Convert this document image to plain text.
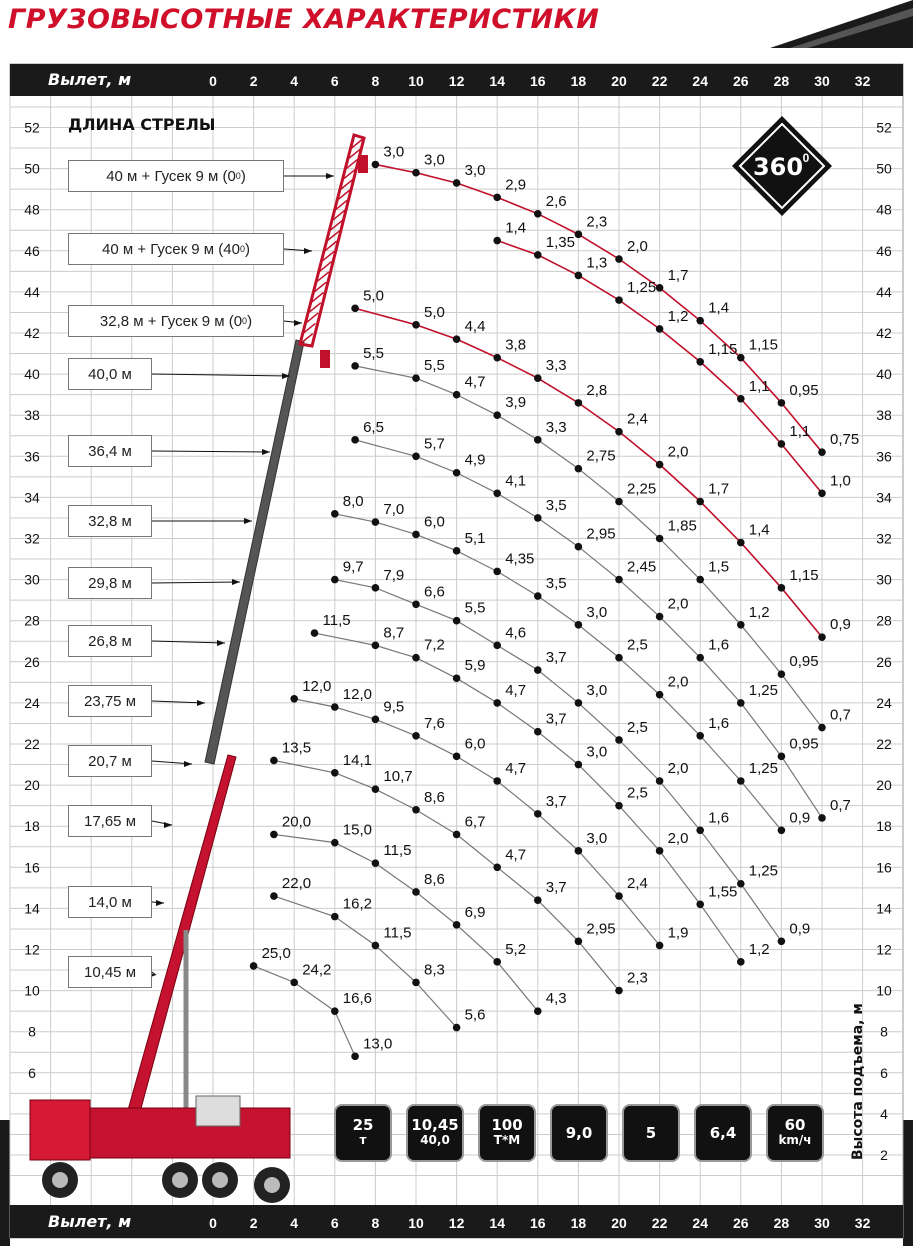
ГРУЗОВЫСОТНЫЕ ХАРАКТЕРИСТИКИ
0
0
2
2
4
4
6
6
8
8
10
10
12
12
14
14
16
16
18
18
20
20
22
22
24
24
26
26
28
28
30
30
32
32
2
4
6	6
8	8
10	10
12	12
14	14
16	16
18	18
20	20
22	22
24	24
26	26
28	28
30	30
32	32
34	34
36	36
38	38
40	40
42	42
44	44
46	46
48	48
50	50
52	52
3,0 3,0
3,0
2,9
2,6
2,3
2,0
1,7
1,4
1,15
0,95
0,75
1,4
1,35
1,3
1,25
1,2
1,15
1,1
1,1
1,0
5,0
5,0
4,4
3,8
3,3
2,8
2,4
2,0
1,7
1,4
1,15
0,9
5,5
5,5
4,7
3,9
3,3
2,75
2,25
1,85
1,5
1,2
0,95
0,7
6,5
5,7
4,9
4,1
3,5
2,95
2,45
2,0
1,6
1,25
0,95
0,7
8,0 7,0
6,0
5,1
4,35
3,5
3,0
2,5
2,0
1,6
1,25
0,9
9,7 7,9
6,6
5,5
4,6
3,7
3,0
2,5
2,0
1,6
1,25
0,9
11,5
8,7
7,2
5,9
4,7
3,7
3,0
2,5
2,0
1,55
1,2
12,0 12,0
9,5
7,6
6,0
4,7
3,7
3,0
2,4
1,9
13,5
14,1
10,7
8,6
6,7
4,7
3,7
2,95
2,3
20,0 15,0
11,5
8,6
6,9
5,2
4,3
22,0
16,2
11,5
8,3
5,6
25,0
24,2
16,6
13,0
360 0
ДЛИНА СТРЕЛЫ
Вылет, м
Вылет, м
Высота подъема, м
40 м + Гусек 9 м (0 0 )
40 м + Гусек 9 м (40 0 )
32,8 м + Гусек 9 м (0 0 )
40,0 м
36,4 м
32,8 м
29,8 м
26,8 м
23,75 м
20,7 м
17,65 м
14,0 м
10,45 м
25
т
10,45
40,0
100
Т*М	9,0	5	6,4	60
km/ч
